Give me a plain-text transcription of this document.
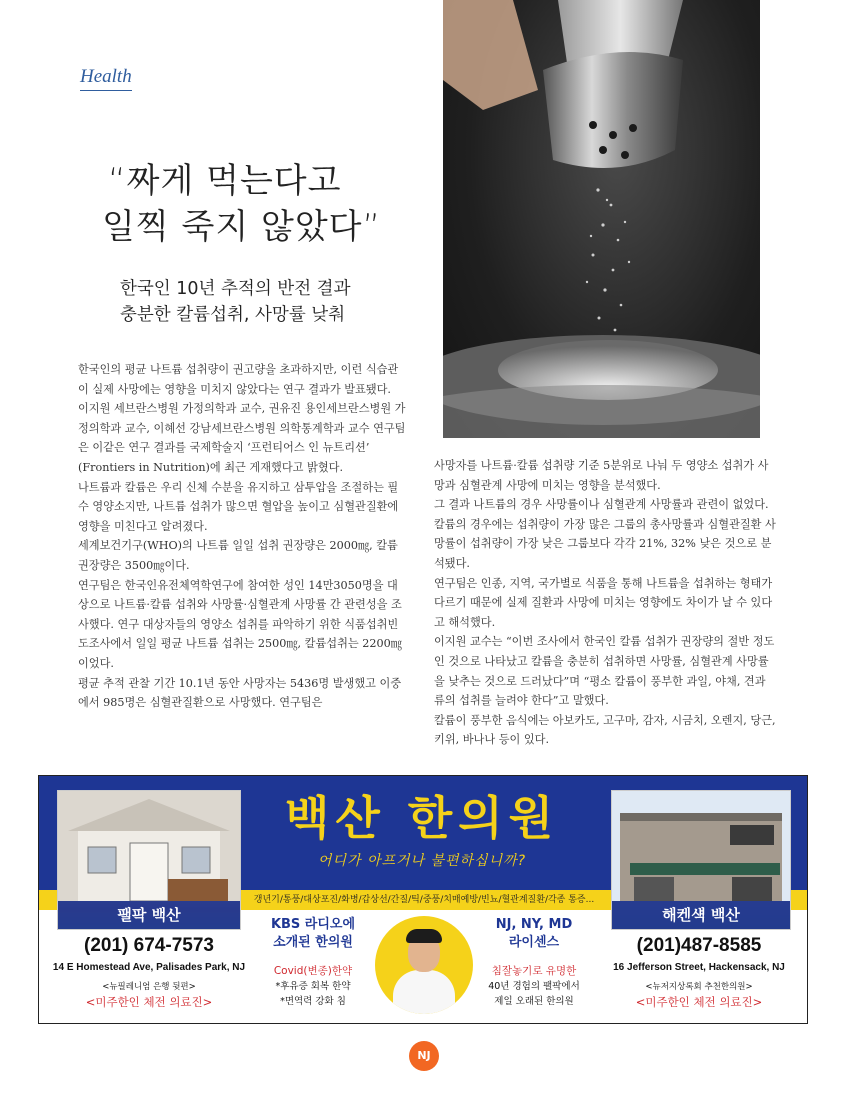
Health
“짜게 먹는다고
일찍 죽지 않았다”
한국인 10년 추적의 반전 결과
충분한 칼륨섭취, 사망률 낮춰

한국인의 평균 나트륨 섭취량이 권고량을 초과하지만, 이런 식습관이 실제 사망에는 영향을 미치지 않았다는 연구 결과가 발표됐다.

이지원 세브란스병원 가정의학과 교수, 권유진 용인세브란스병원 가정의학과 교수, 이혜선 강남세브란스병원 의학통계학과 교수 연구팀은 이같은 연구 결과를 국제학술지 ‘프런티어스 인 뉴트리션’ (Frontiers in Nutrition)에 최근 게재했다고 밝혔다.

나트륨과 칼륨은 우리 신체 수분을 유지하고 삼투압을 조절하는 필수 영양소지만, 나트륨 섭취가 많으면 혈압을 높이고 심혈관질환에 영향을 미친다고 알려졌다.

세계보건기구(WHO)의 나트륨 일일 섭취 권장량은 2000㎎, 칼륨 권장량은 3500㎎이다.

연구팀은 한국인유전체역학연구에 참여한 성인 14만3050명을 대상으로 나트륨·칼륨 섭취와 사망률·심혈관계 사망률 간 관련성을 조사했다. 연구 대상자들의 영양소 섭취를 파악하기 위한 식품섭취빈도조사에서 일일 평균 나트륨 섭취는 2500㎎, 칼륨섭취는 2200㎎이었다.

평균 추적 관찰 기간 10.1년 동안 사망자는 5436명 발생했고 이중에서 985명은 심혈관질환으로 사망했다. 연구팀은

사망자를 나트륨·칼륨 섭취량 기준 5분위로 나눠 두 영양소 섭취가 사망과 심혈관계 사망에 미치는 영향을 분석했다.

그 결과 나트륨의 경우 사망률이나 심혈관계 사망률과 관련이 없었다. 칼륨의 경우에는 섭취량이 가장 많은 그룹의 총사망률과 심혈관질환 사망률이 섭취량이 가장 낮은 그룹보다 각각 21%, 32% 낮은 것으로 분석됐다.

연구팀은 인종, 지역, 국가별로 식품을 통해 나트륨을 섭취하는 형태가 다르기 때문에 실제 질환과 사망에 미치는 영향에도 차이가 날 수 있다고 해석했다.

이지원 교수는 “이번 조사에서 한국인 칼륨 섭취가 권장량의 절반 정도인 것으로 나타났고 칼륨을 충분히 섭취하면 사망률, 심혈관계 사망률을 낮추는 것으로 드러났다”며 “평소 칼륨이 풍부한 과일, 야채, 견과류의 섭취를 늘려야 한다”고 말했다.

칼륨이 풍부한 음식에는 아보카도, 고구마, 감자, 시금치, 오렌지, 당근, 키위, 바나나 등이 있다.

백산 한의원
어디가 아프거나 불편하십니까?
갱년기/통풍/대상포진/화병/갑상선/간질/틱/중풍/치매예방/빈뇨/혈관계질환/각종 통증...
팰팍 백산	해켄섁 백산
(201) 674-7573
14 E Homestead Ave, Palisades Park, NJ
<뉴필레니엄 은행 뒷편>
<미주한인 체전 의료진>
(201)487-8585
16 Jefferson Street, Hackensack, NJ
<뉴저지상록회 추천한의원>
<미주한인 체전 의료진>
KBS 라디오에
소개된 한의원
Covid(변종)한약
*후유증 회복 한약
*면역력 강화 침
NJ, NY, MD
라이센스
침잘놓기로 유명한
40년 경험의 팰팍에서
제일 오래된 한의원
NJ
